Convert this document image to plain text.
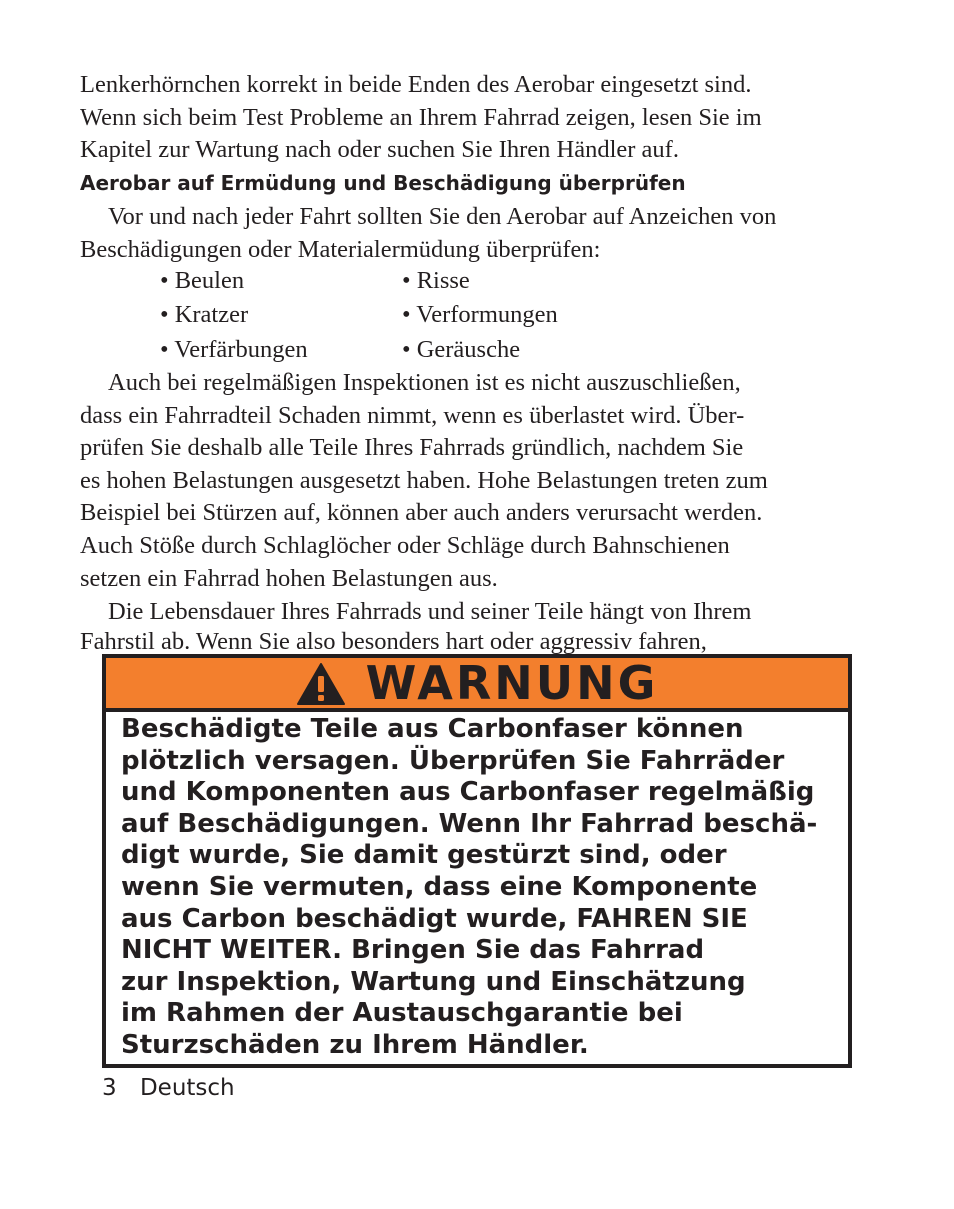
Lenkerhörnchen korrekt in beide Enden des Aerobar eingesetzt sind.

Wenn sich beim Test Probleme an Ihrem Fahrrad zeigen, lesen Sie im

Kapitel zur Wartung nach oder suchen Sie Ihren Händler auf.

Aerobar auf Ermüdung und Beschädigung überprüfen

Vor und nach jeder Fahrt sollten Sie den Aerobar auf Anzeichen von

Beschädigungen oder Materialermüdung überprüfen:

• Beulen	• Risse
• Kratzer	• Verformungen
• Verfärbungen	• Geräusche

Auch bei regelmäßigen Inspektionen ist es nicht auszuschließen,

dass ein Fahrradteil Schaden nimmt, wenn es überlastet wird. Über-

prüfen Sie deshalb alle Teile Ihres Fahrrads gründlich, nachdem Sie

es hohen Belastungen ausgesetzt haben. Hohe Belastungen treten zum

Beispiel bei Stürzen auf, können aber auch anders verursacht werden.

Auch Stöße durch Schlaglöcher oder Schläge durch Bahnschienen

setzen ein Fahrrad hohen Belastungen aus.

Die Lebensdauer Ihres Fahrrads und seiner Teile hängt von Ihrem

Fahrstil ab. Wenn Sie also besonders hart oder aggressiv fahren,

WARNUNG

Beschädigte Teile aus Carbonfaser können

plötzlich versagen. Überprüfen Sie Fahrräder

und Komponenten aus Carbonfaser regelmäßig

auf Beschädigungen. Wenn Ihr Fahrrad beschä-

digt wurde, Sie damit gestürzt sind, oder

wenn Sie vermuten, dass eine Komponente

aus Carbon beschädigt wurde, FAHREN SIE

NICHT WEITER. Bringen Sie das Fahrrad

zur Inspektion, Wartung und Einschätzung

im Rahmen der Austauschgarantie bei

Sturzschäden zu Ihrem Händler.

3 Deutsch
